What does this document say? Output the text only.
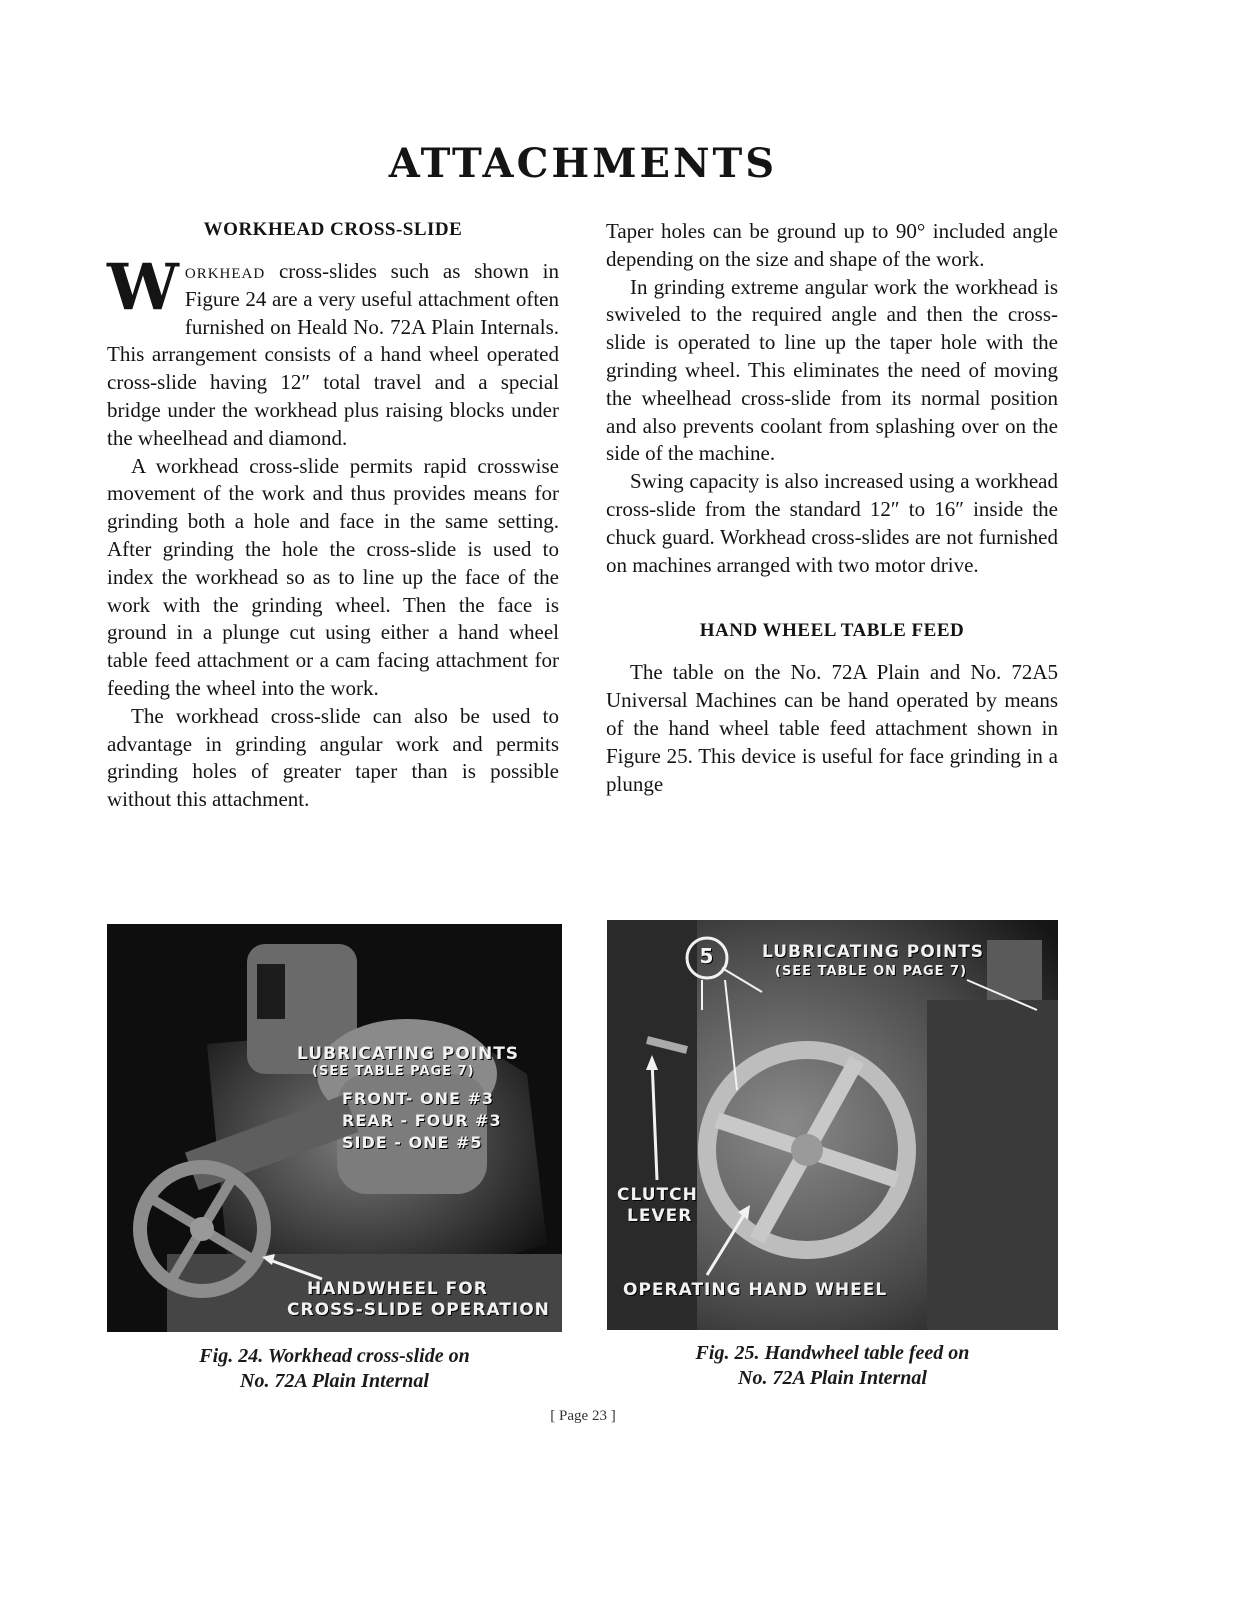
ATTACHMENTS
WORKHEAD CROSS-SLIDE

Workhead cross-slides such as shown in Figure 24 are a very useful attachment often furnished on Heald No. 72A Plain Internals. This arrangement consists of a hand wheel operated cross-slide having 12″ total travel and a special bridge under the workhead plus raising blocks under the wheelhead and diamond.

A workhead cross-slide permits rapid crosswise movement of the work and thus provides means for grinding both a hole and face in the same setting. After grinding the hole the cross-slide is used to index the workhead so as to line up the face of the work with the grinding wheel. Then the face is ground in a plunge cut using either a hand wheel table feed attachment or a cam facing attachment for feeding the wheel into the work.

The workhead cross-slide can also be used to advantage in grinding angular work and permits grinding holes of greater taper than is possible without this attachment.

Taper holes can be ground up to 90° included angle depending on the size and shape of the work.

In grinding extreme angular work the workhead is swiveled to the required angle and then the cross-slide is operated to line up the taper hole with the grinding wheel. This eliminates the need of moving the wheelhead cross-slide from its normal position and also prevents coolant from splashing over on the side of the machine.

Swing capacity is also increased using a workhead cross-slide from the standard 12″ to 16″ inside the chuck guard. Workhead cross-slides are not furnished on machines arranged with two motor drive.

HAND WHEEL TABLE FEED

The table on the No. 72A Plain and No. 72A5 Universal Machines can be hand operated by means of the hand wheel table feed attachment shown in Figure 25. This device is useful for face grinding in a plunge

LUBRICATING POINTS
(SEE TABLE PAGE 7)
FRONT- ONE #3
REAR - FOUR #3
SIDE - ONE #5
HANDWHEEL FOR
CROSS-SLIDE OPERATION
Fig. 24. Workhead cross-slide on
No. 72A Plain Internal
5	LUBRICATING POINTS
(SEE TABLE ON PAGE 7)
CLUTCH
LEVER
OPERATING HAND WHEEL
Fig. 25. Handwheel table feed on
No. 72A Plain Internal
[ Page 23 ]
